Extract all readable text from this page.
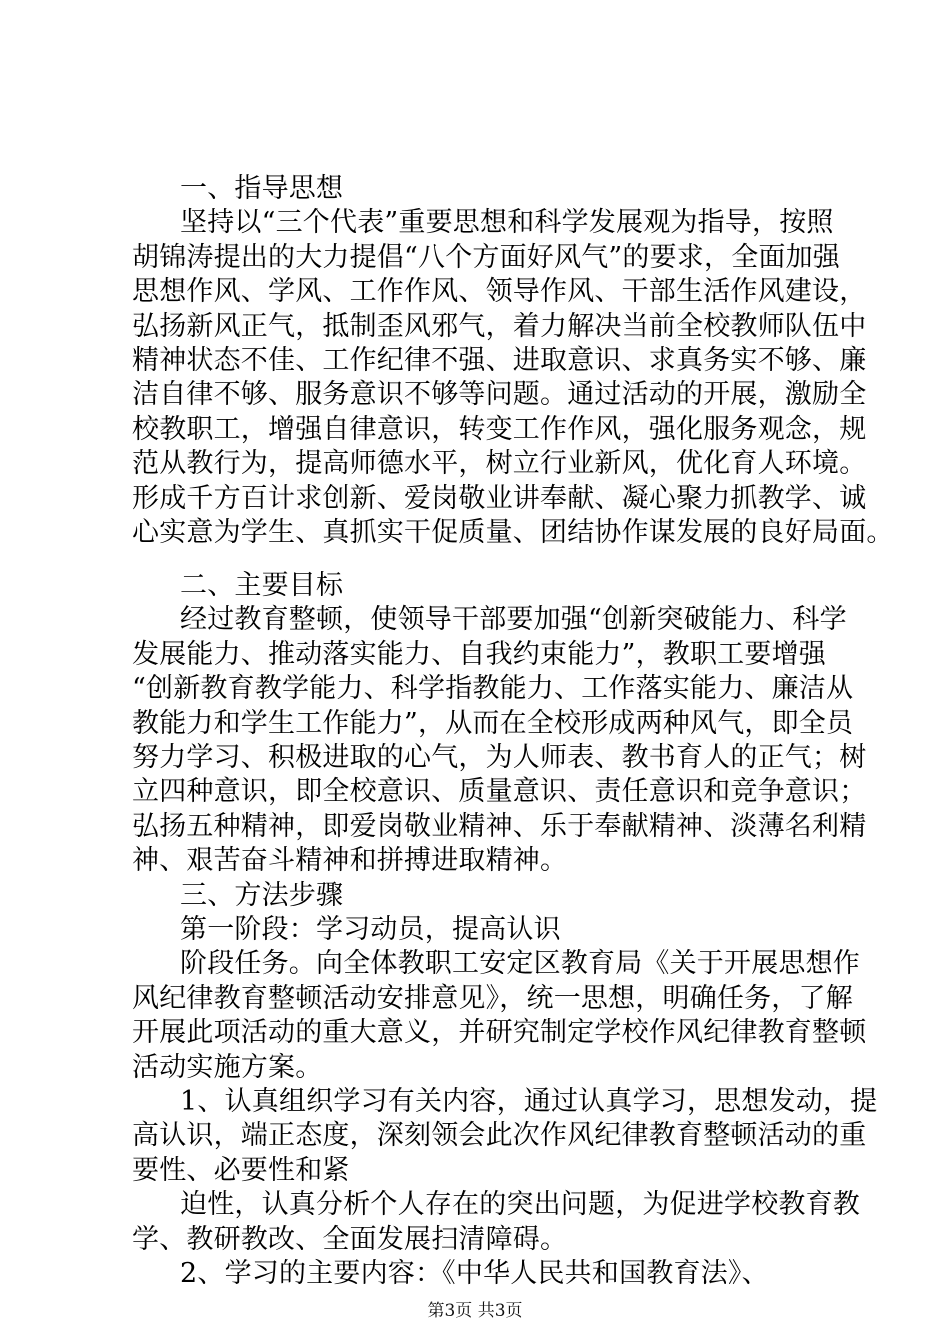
一、指导思想
坚持以“三个代表”重要思想和科学发展观为指导，按照
胡锦涛提出的大力提倡“八个方面好风气”的要求，全面加强
思想作风、学风、工作作风、领导作风、干部生活作风建设，
弘扬新风正气，抵制歪风邪气，着力解决当前全校教师队伍中
精神状态不佳、工作纪律不强、进取意识、求真务实不够、廉
洁自律不够、服务意识不够等问题。通过活动的开展，激励全
校教职工，增强自律意识，转变工作作风，强化服务观念，规
范从教行为，提高师德水平，树立行业新风，优化育人环境。
形成千方百计求创新、爱岗敬业讲奉献、凝心聚力抓教学、诚
心实意为学生、真抓实干促质量、团结协作谋发展的良好局面。
二、主要目标
经过教育整顿，使领导干部要加强“创新突破能力、科学
发展能力、推动落实能力、自我约束能力”，教职工要增强
“创新教育教学能力、科学指教能力、工作落实能力、廉洁从
教能力和学生工作能力”，从而在全校形成两种风气，即全员
努力学习、积极进取的心气，为人师表、教书育人的正气；树
立四种意识，即全校意识、质量意识、责任意识和竞争意识；
弘扬五种精神，即爱岗敬业精神、乐于奉献精神、淡薄名利精
神、艰苦奋斗精神和拼搏进取精神。
三、方法步骤
第一阶段：学习动员，提高认识
阶段任务。向全体教职工安定区教育局《关于开展思想作
风纪律教育整顿活动安排意见》，统一思想，明确任务，了解
开展此项活动的重大意义，并研究制定学校作风纪律教育整顿
活动实施方案。
1、认真组织学习有关内容，通过认真学习，思想发动，提
高认识，端正态度，深刻领会此次作风纪律教育整顿活动的重
要性、必要性和紧
迫性，认真分析个人存在的突出问题，为促进学校教育教
学、教研教改、全面发展扫清障碍。
2、学习的主要内容：《中华人民共和国教育法》、
第3页 共3页
